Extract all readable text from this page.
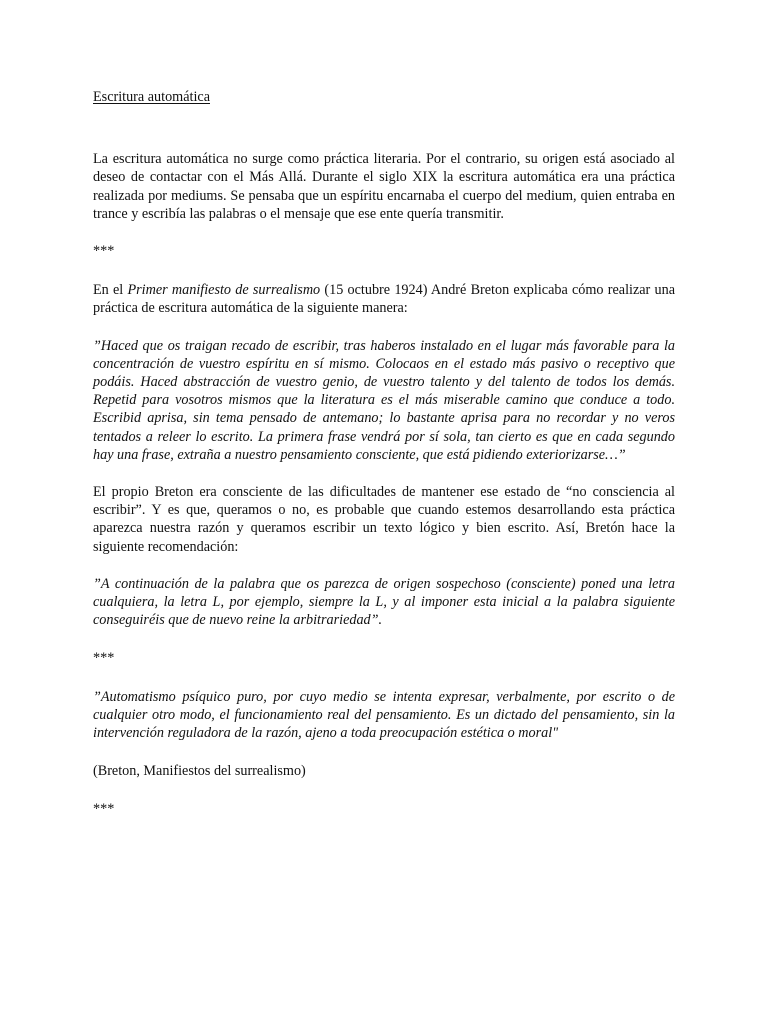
Escritura automática

La escritura automática no surge como práctica literaria. Por el contrario, su origen está asociado al deseo de contactar con el Más Allá. Durante el siglo XIX la escritura automática era una práctica realizada por mediums. Se pensaba que un espíritu encarnaba el cuerpo del medium, quien entraba en trance y escribía las palabras o el mensaje que ese ente quería transmitir.

***

En el Primer manifiesto de surrealismo (15 octubre 1924) André Breton explicaba cómo realizar una práctica de escritura automática de la siguiente manera:

”Haced que os traigan recado de escribir, tras haberos instalado en el lugar más favorable para la concentración de vuestro espíritu en sí mismo. Colocaos en el estado más pasivo o receptivo que podáis. Haced abstracción de vuestro genio, de vuestro talento y del talento de todos los demás. Repetid para vosotros mismos que la literatura es el más miserable camino que conduce a todo. Escribid aprisa, sin tema pensado de antemano; lo bastante aprisa para no recordar y no veros tentados a releer lo escrito. La primera frase vendrá por sí sola, tan cierto es que en cada segundo hay una frase, extraña a nuestro pensamiento consciente, que está pidiendo exteriorizarse…”

El propio Breton era consciente de las dificultades de mantener ese estado de “no consciencia al escribir”. Y es que, queramos o no, es probable que cuando estemos desarrollando esta práctica aparezca nuestra razón y queramos escribir un texto lógico y bien escrito. Así, Bretón hace la siguiente recomendación:

”A continuación de la palabra que os parezca de origen sospechoso (consciente) poned una letra cualquiera, la letra L, por ejemplo, siempre la L, y al imponer esta inicial a la palabra siguiente conseguiréis que de nuevo reine la arbitrariedad”.

***

”Automatismo psíquico puro, por cuyo medio se intenta expresar, verbalmente, por escrito o de cualquier otro modo, el funcionamiento real del pensamiento. Es un dictado del pensamiento, sin la intervención reguladora de la razón, ajeno a toda preocupación estética o moral"

(Breton, Manifiestos del surrealismo)

***
